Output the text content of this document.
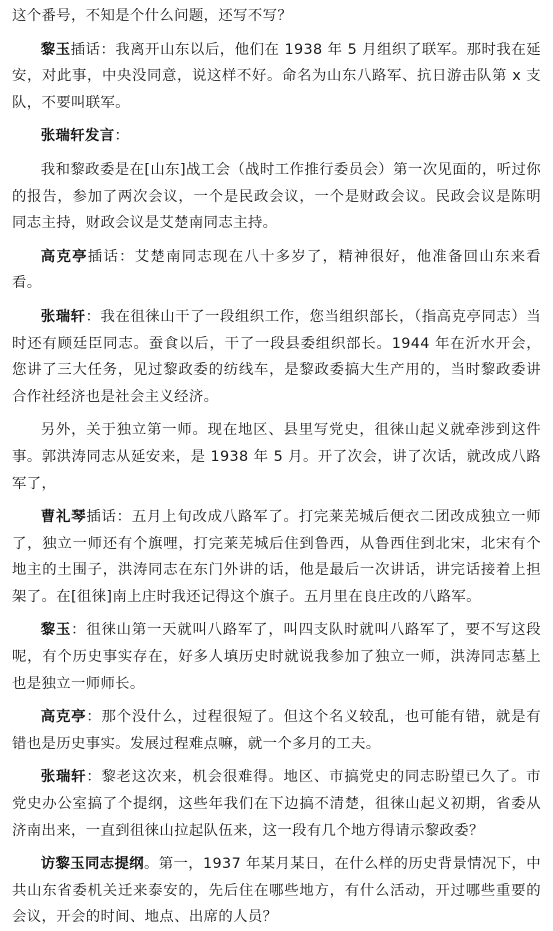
这个番号，不知是个什么问题，还写不写？

黎玉插话：我离开山东以后，他们在 1938 年 5 月组织了联军。那时我在延安，对此事，中央没同意，说这样不好。命名为山东八路军、抗日游击队第 x 支队，不要叫联军。

张瑞轩发言：

我和黎政委是在[山东]战工会（战时工作推行委员会）第一次见面的，听过你的报告，参加了两次会议，一个是民政会议，一个是财政会议。民政会议是陈明同志主持，财政会议是艾楚南同志主持。

高克亭插话：艾楚南同志现在八十多岁了，精神很好，他准备回山东来看看。

张瑞轩：我在徂徕山干了一段组织工作，您当组织部长，（指高克亭同志）当时还有顾廷臣同志。蚕食以后，干了一段县委组织部长。1944 年在沂水开会，您讲了三大任务，见过黎政委的纺线车，是黎政委搞大生产用的，当时黎政委讲合作社经济也是社会主义经济。

另外，关于独立第一师。现在地区、县里写党史，徂徕山起义就牵涉到这件事。郭洪涛同志从延安来，是 1938 年 5 月。开了次会，讲了次话，就改成八路军了，

曹礼琴插话：五月上旬改成八路军了。打完莱芜城后便衣二团改成独立一师了，独立一师还有个旗哩，打完莱芜城后住到鲁西，从鲁西住到北宋，北宋有个地主的土围子，洪涛同志在东门外讲的话，他是最后一次讲话，讲完话接着上担架了。在[徂徕]南上庄时我还记得这个旗子。五月里在良庄改的八路军。

黎玉：徂徕山第一天就叫八路军了，叫四支队时就叫八路军了，要不写这段呢，有个历史事实存在，好多人填历史时就说我参加了独立一师，洪涛同志墓上也是独立一师师长。

高克亭：那个没什么，过程很短了。但这个名义较乱，也可能有错，就是有错也是历史事实。发展过程难点嘛，就一个多月的工夫。

张瑞轩：黎老这次来，机会很难得。地区、市搞党史的同志盼望已久了。市党史办公室搞了个提纲，这些年我们在下边搞不清楚，徂徕山起义初期，省委从济南出来，一直到徂徕山拉起队伍来，这一段有几个地方得请示黎政委？

访黎玉同志提纲。第一，1937 年某月某日，在什么样的历史背景情况下，中共山东省委机关迁来泰安的，先后住在哪些地方，有什么活动，开过哪些重要的会议，开会的时间、地点、出席的人员？
